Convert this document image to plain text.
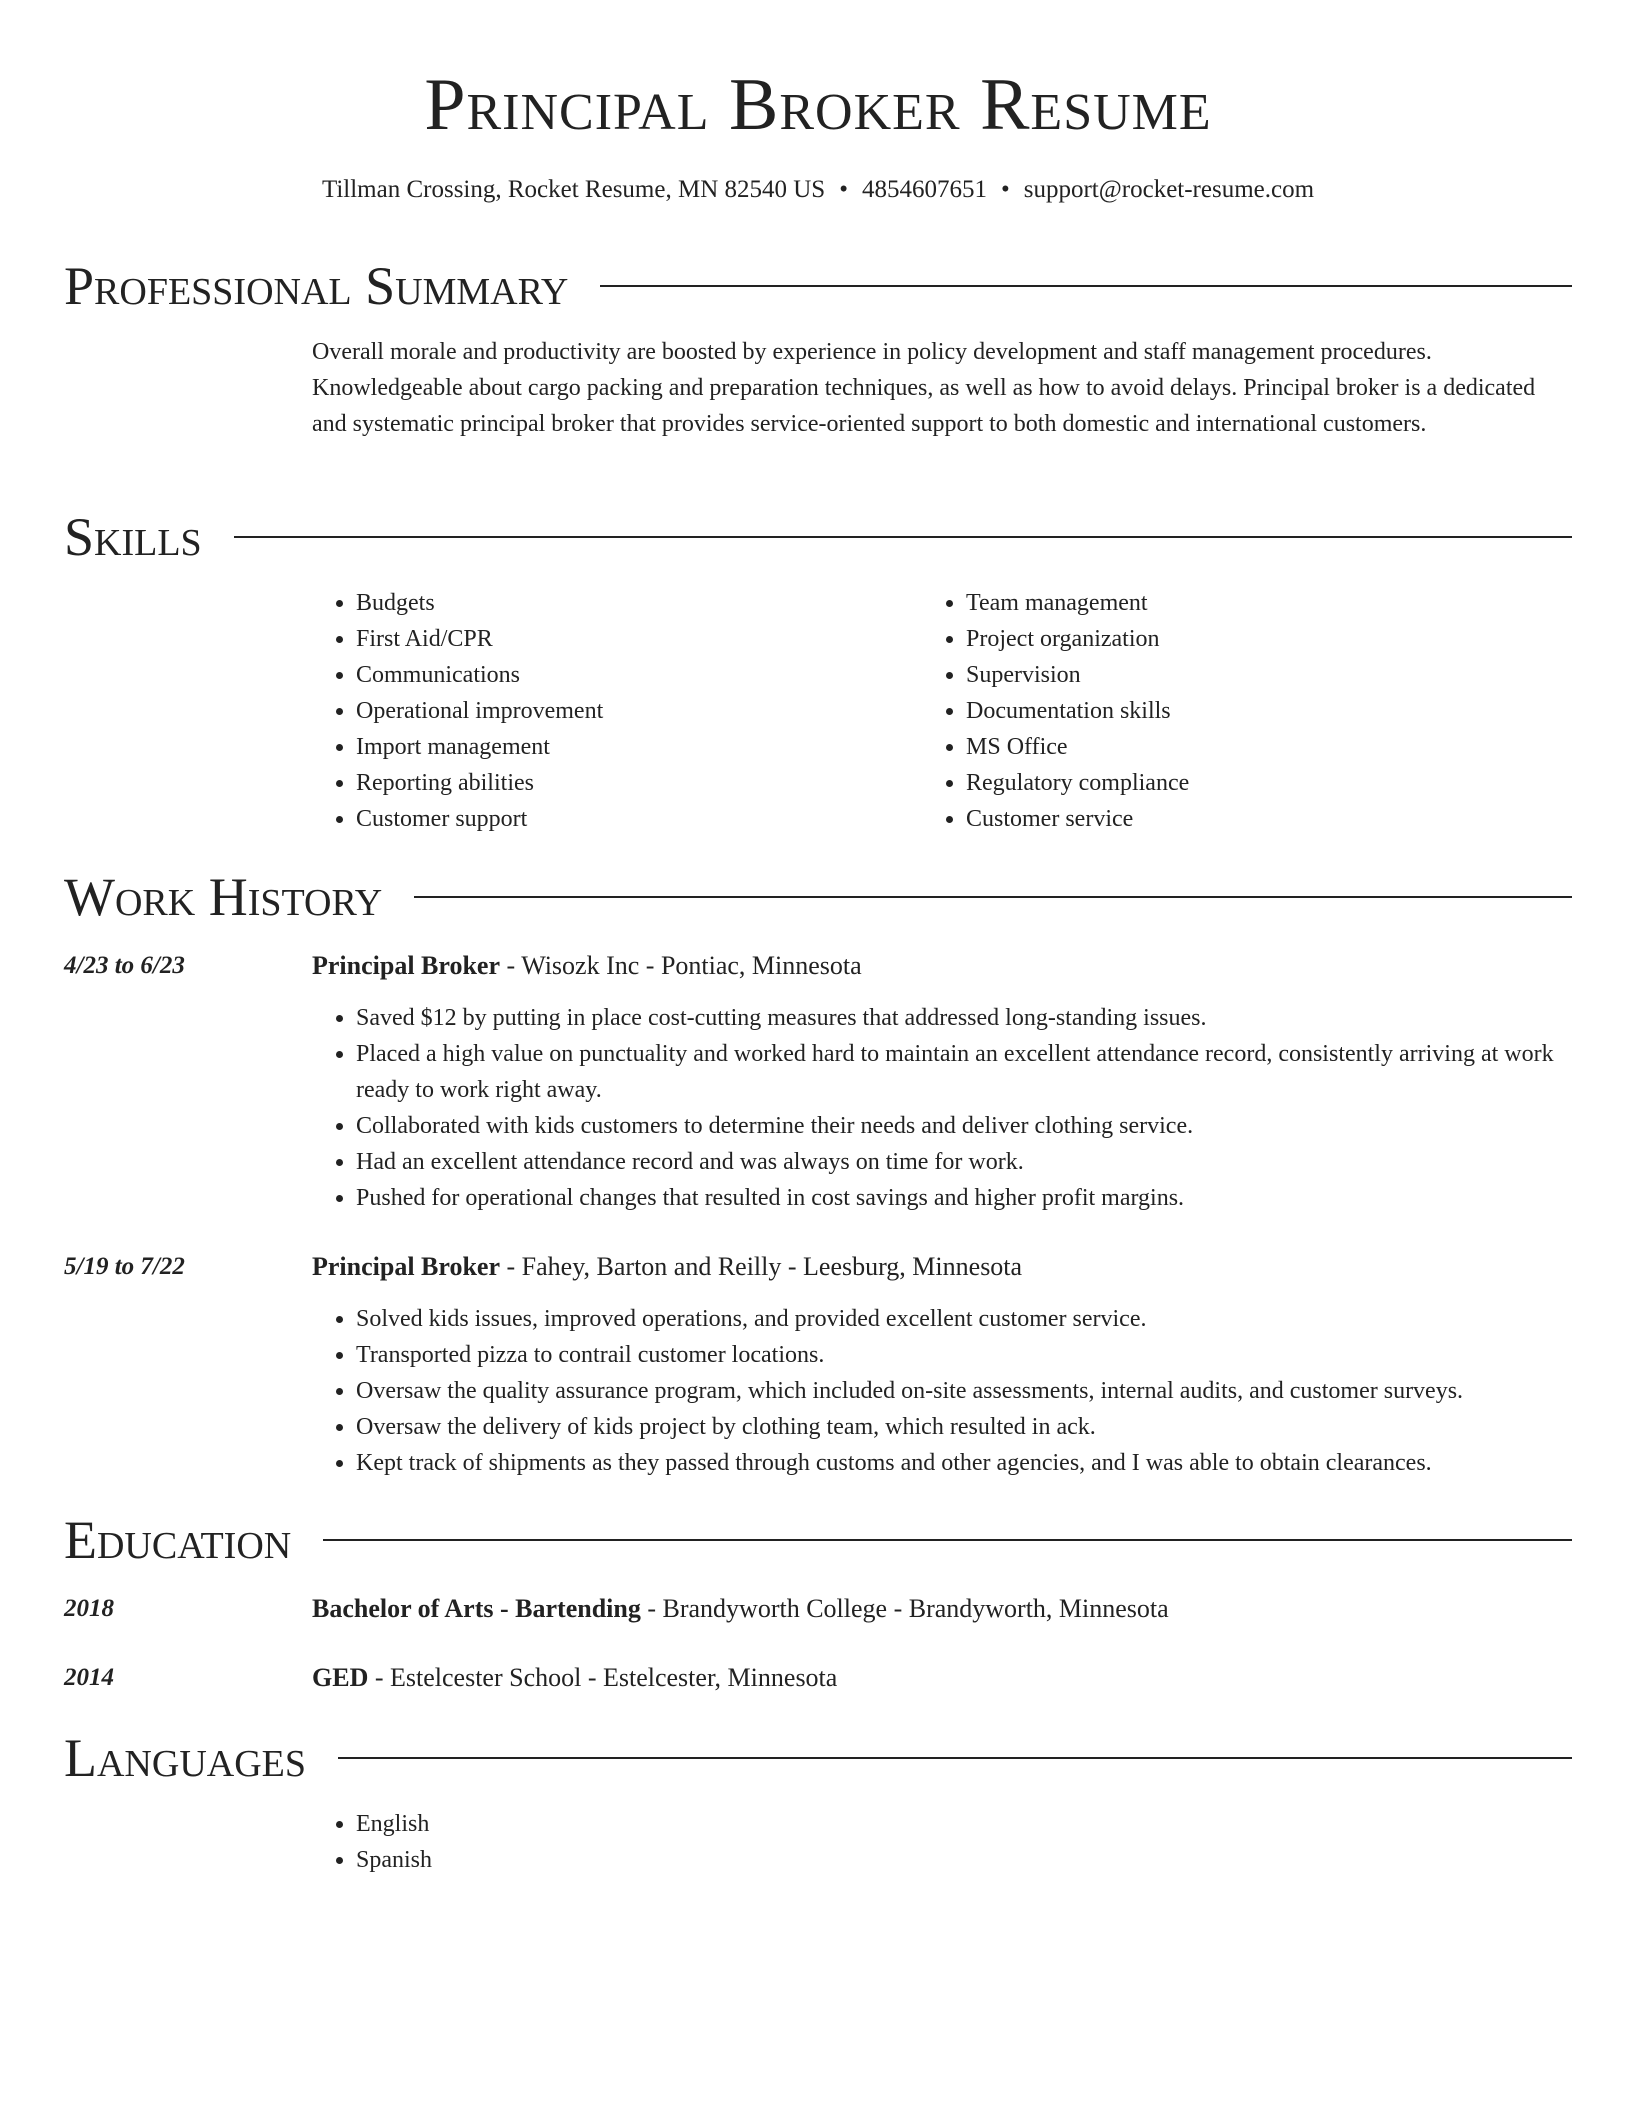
Principal Broker Resume
Tillman Crossing, Rocket Resume, MN 82540 US • 4854607651 • support@rocket-resume.com
Professional Summary

Overall morale and productivity are boosted by experience in policy development and staff management procedures. Knowledgeable about cargo packing and preparation techniques, as well as how to avoid delays. Principal broker is a dedicated and systematic principal broker that provides service-oriented support to both domestic and international customers.

Skills
• Budgets
• First Aid/CPR
• Communications
• Operational improvement
• Import management
• Reporting abilities
• Customer support
• Team management
• Project organization
• Supervision
• Documentation skills
• MS Office
• Regulatory compliance
• Customer service
Work History
4/23 to 6/23	Principal Broker - Wisozk Inc - Pontiac, Minnesota
• Saved $12 by putting in place cost-cutting measures that addressed long-standing issues.
• Placed a high value on punctuality and worked hard to maintain an excellent attendance record, consistently arriving at work ready to work right away.
• Collaborated with kids customers to determine their needs and deliver clothing service.
• Had an excellent attendance record and was always on time for work.
• Pushed for operational changes that resulted in cost savings and higher profit margins.
5/19 to 7/22	Principal Broker - Fahey, Barton and Reilly - Leesburg, Minnesota
• Solved kids issues, improved operations, and provided excellent customer service.
• Transported pizza to contrail customer locations.
• Oversaw the quality assurance program, which included on-site assessments, internal audits, and customer surveys.
• Oversaw the delivery of kids project by clothing team, which resulted in ack.
• Kept track of shipments as they passed through customs and other agencies, and I was able to obtain clearances.
Education
2018	Bachelor of Arts - Bartending - Brandyworth College - Brandyworth, Minnesota
2014	GED - Estelcester School - Estelcester, Minnesota
Languages
• English
• Spanish
